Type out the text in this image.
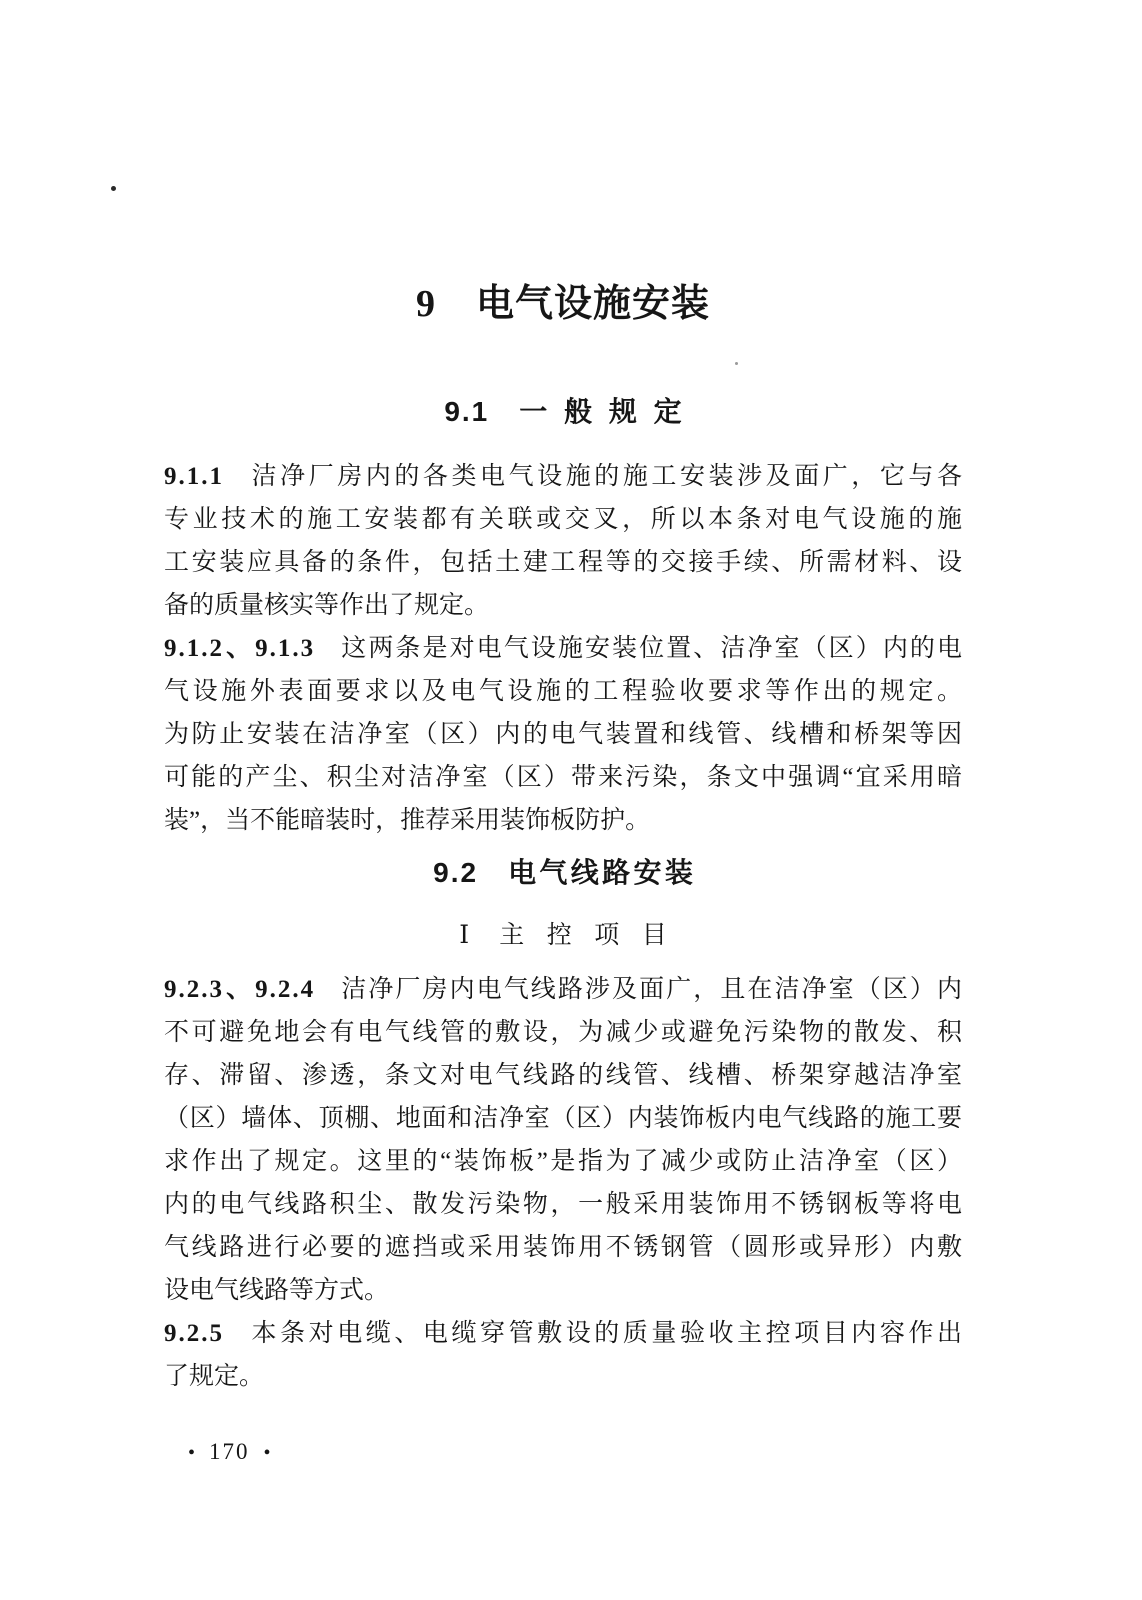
9 电气设施安装
9.1 一般规定
9.1.1 洁净厂房内的各类电气设施的施工安装涉及面广，它与各
专业技术的施工安装都有关联或交叉，所以本条对电气设施的施
工安装应具备的条件，包括土建工程等的交接手续、所需材料、设
备的质量核实等作出了规定。
9.1.2、9.1.3 这两条是对电气设施安装位置、洁净室（区）内的电
气设施外表面要求以及电气设施的工程验收要求等作出的规定。
为防止安装在洁净室（区）内的电气装置和线管、线槽和桥架等因
可能的产尘、积尘对洁净室（区）带来污染，条文中强调“宜采用暗
装”，当不能暗装时，推荐采用装饰板防护。
9.2 电气线路安装
Ⅰ 主控项目
9.2.3、9.2.4 洁净厂房内电气线路涉及面广，且在洁净室（区）内
不可避免地会有电气线管的敷设，为减少或避免污染物的散发、积
存、滞留、渗透，条文对电气线路的线管、线槽、桥架穿越洁净室
（区）墙体、顶棚、地面和洁净室（区）内装饰板内电气线路的施工要
求作出了规定。这里的“装饰板”是指为了减少或防止洁净室（区）
内的电气线路积尘、散发污染物，一般采用装饰用不锈钢板等将电
气线路进行必要的遮挡或采用装饰用不锈钢管（圆形或异形）内敷
设电气线路等方式。
9.2.5 本条对电缆、电缆穿管敷设的质量验收主控项目内容作出
了规定。
• 170 •
